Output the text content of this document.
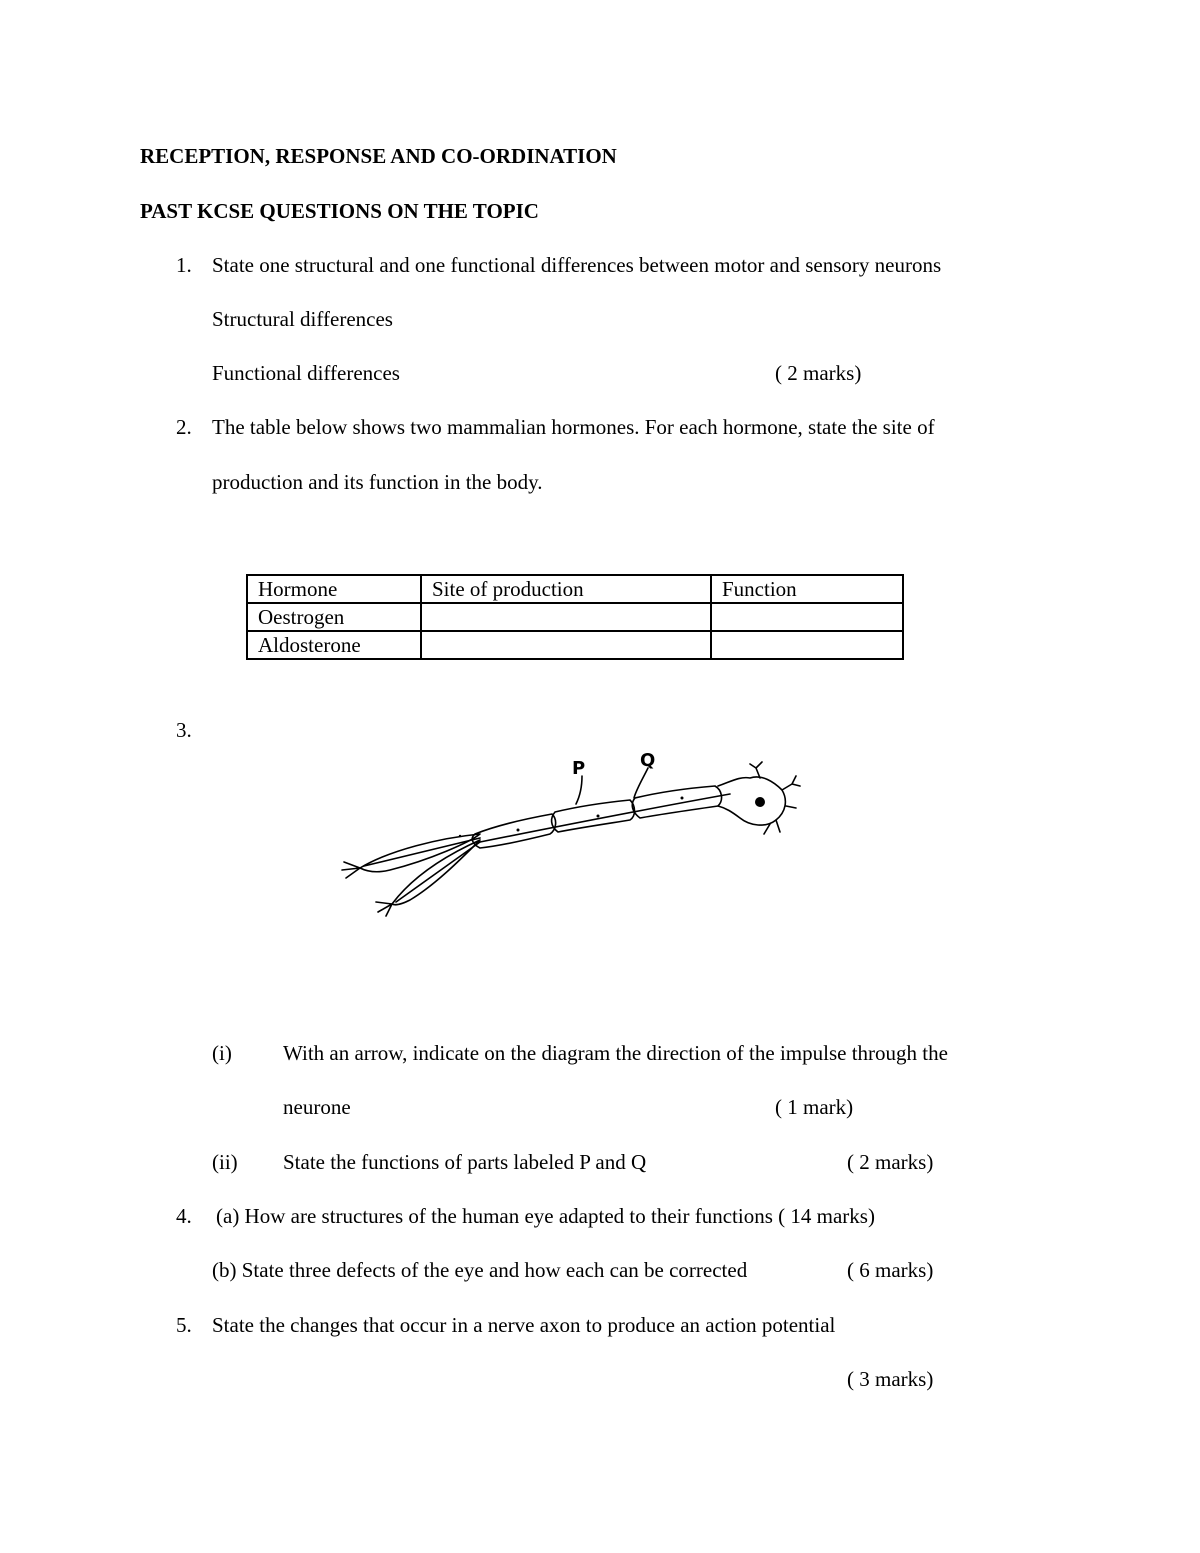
RECEPTION, RESPONSE AND CO-ORDINATION
PAST KCSE QUESTIONS ON THE TOPIC
1. State one structural and one functional differences between motor and sensory neurons
Structural differences
Functional differences	( 2 marks)
2. The table below shows two mammalian hormones. For each hormone, state the site of
production and its function in the body.
Hormone	Site of production	Function
Oestrogen		
Aldosterone		
3.
P	Q
(i) With an arrow, indicate on the diagram the direction of the impulse through the
neurone	( 1 mark)
(ii) State the functions of parts labeled P and Q	( 2 marks)
4. (a) How are structures of the human eye adapted to their functions ( 14 marks)
(b) State three defects of the eye and how each can be corrected	( 6 marks)
5. State the changes that occur in a nerve axon to produce an action potential
( 3 marks)
